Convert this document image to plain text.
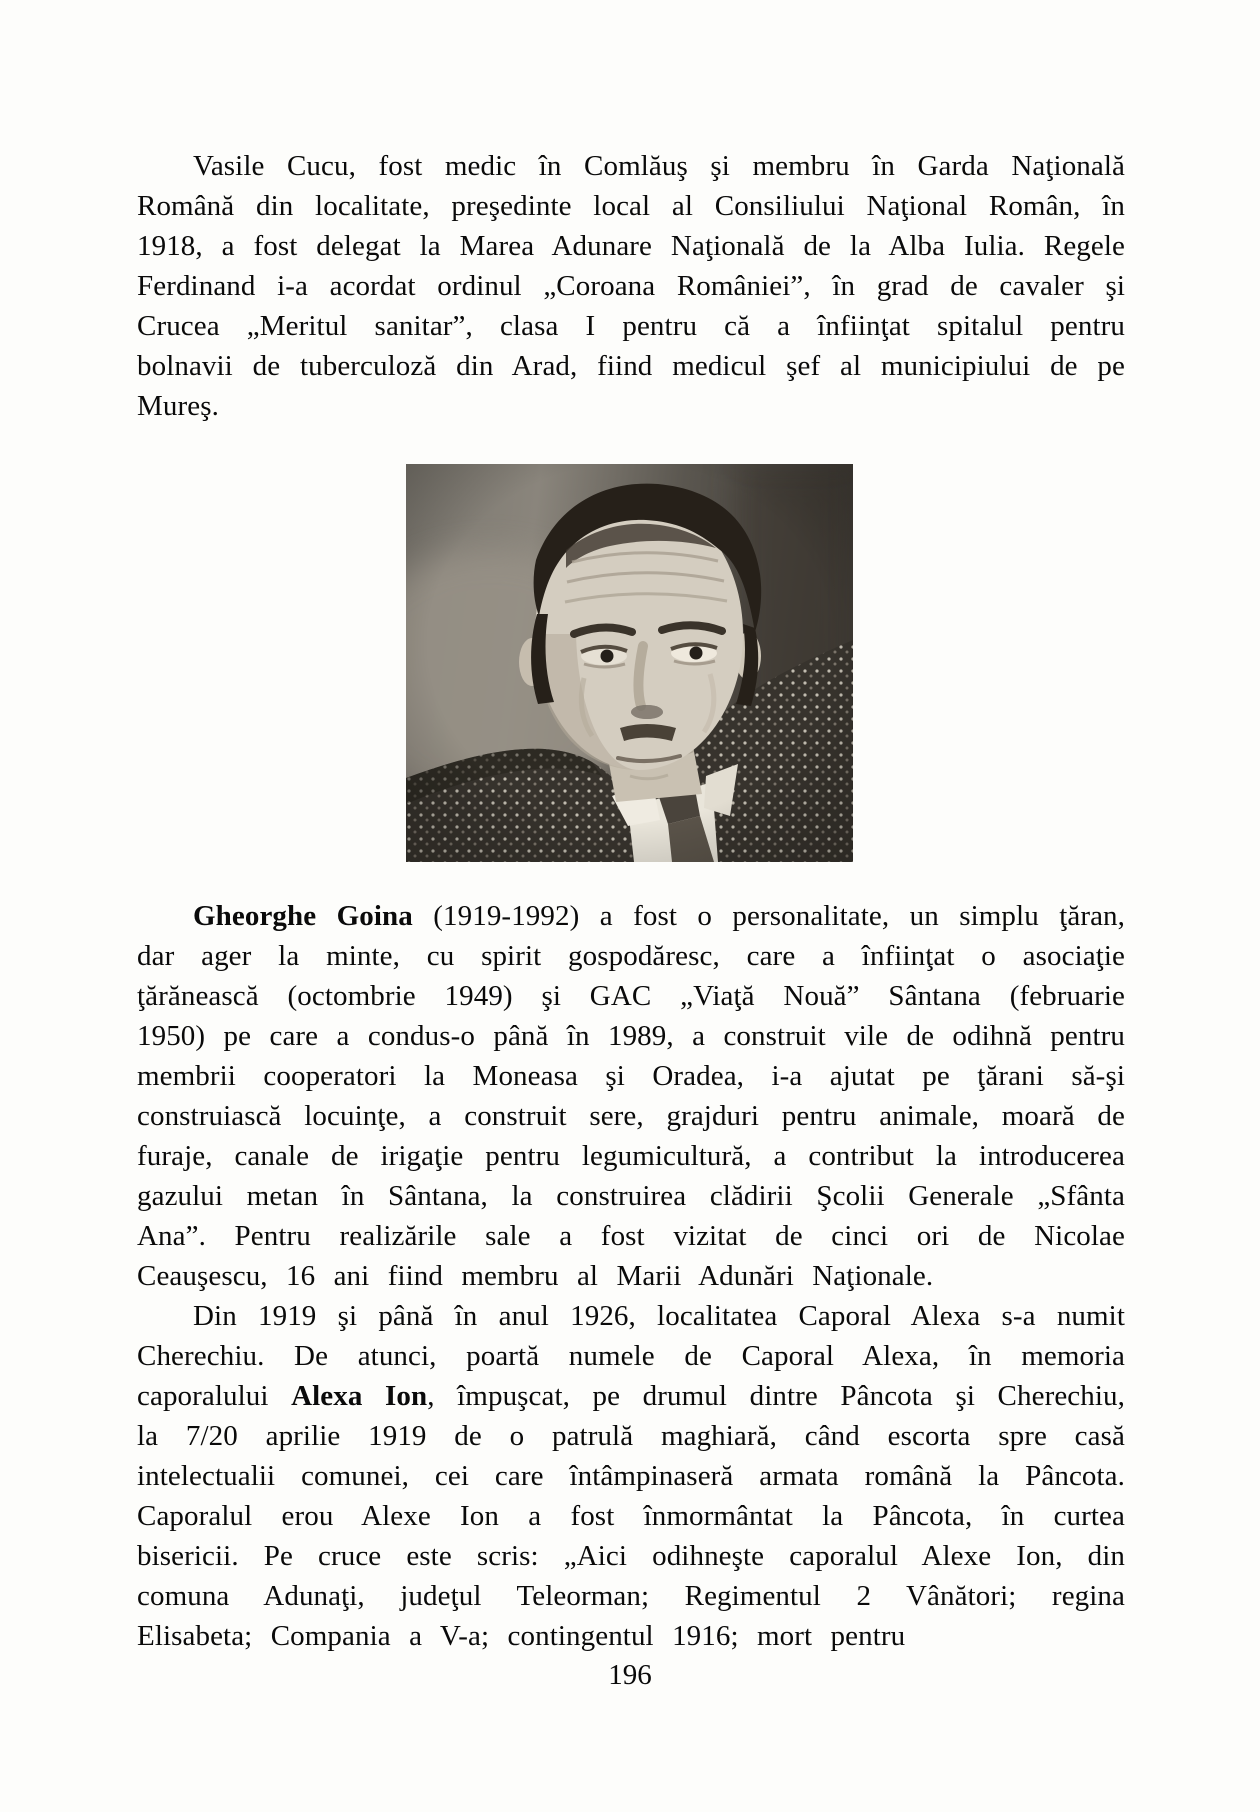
Vasile Cucu, fost medic în Comlăuş şi membru în Garda Naţională Română din localitate, preşedinte local al Consiliului Naţional Român, în 1918, a fost delegat la Marea Adunare Naţională de la Alba Iulia. Regele Ferdinand i-a acordat ordinul „Coroana României”, în grad de cavaler şi Crucea „Meritul sanitar”, clasa I pentru că a înfiinţat spitalul pentru bolnavii de tuberculoză din Arad, fiind medicul şef al municipiului de pe Mureş.

Gheorghe Goina (1919-1992) a fost o personalitate, un simplu ţăran, dar ager la minte, cu spirit gospodăresc, care a înfiinţat o asociaţie ţărănească (octombrie 1949) şi GAC „Viaţă Nouă” Sântana (februarie 1950) pe care a condus-o până în 1989, a construit vile de odihnă pentru membrii cooperatori la Moneasa şi Oradea, i-a ajutat pe ţărani să-şi construiască locuinţe, a construit sere, grajduri pentru animale, moară de furaje, canale de irigaţie pentru legumicultură, a contribut la introducerea gazului metan în Sântana, la construirea clădirii Şcolii Generale „Sfânta Ana”. Pentru realizările sale a fost vizitat de cinci ori de Nicolae Ceauşescu, 16 ani fiind membru al Marii Adunări Naţionale.

Din 1919 şi până în anul 1926, localitatea Caporal Alexa s-a numit Cherechiu. De atunci, poartă numele de Caporal Alexa, în memoria caporalului Alexa Ion, împuşcat, pe drumul dintre Pâncota şi Cherechiu, la 7/20 aprilie 1919 de o patrulă maghiară, când escorta spre casă intelectualii comunei, cei care întâmpinaseră armata română la Pâncota. Caporalul erou Alexe Ion a fost înmormântat la Pâncota, în curtea bisericii. Pe cruce este scris: „Aici odihneşte caporalul Alexe Ion, din comuna Adunaţi, judeţul Teleorman; Regimentul 2 Vânători; regina Elisabeta; Compania a V-a; contingentul 1916; mort pentru

196
